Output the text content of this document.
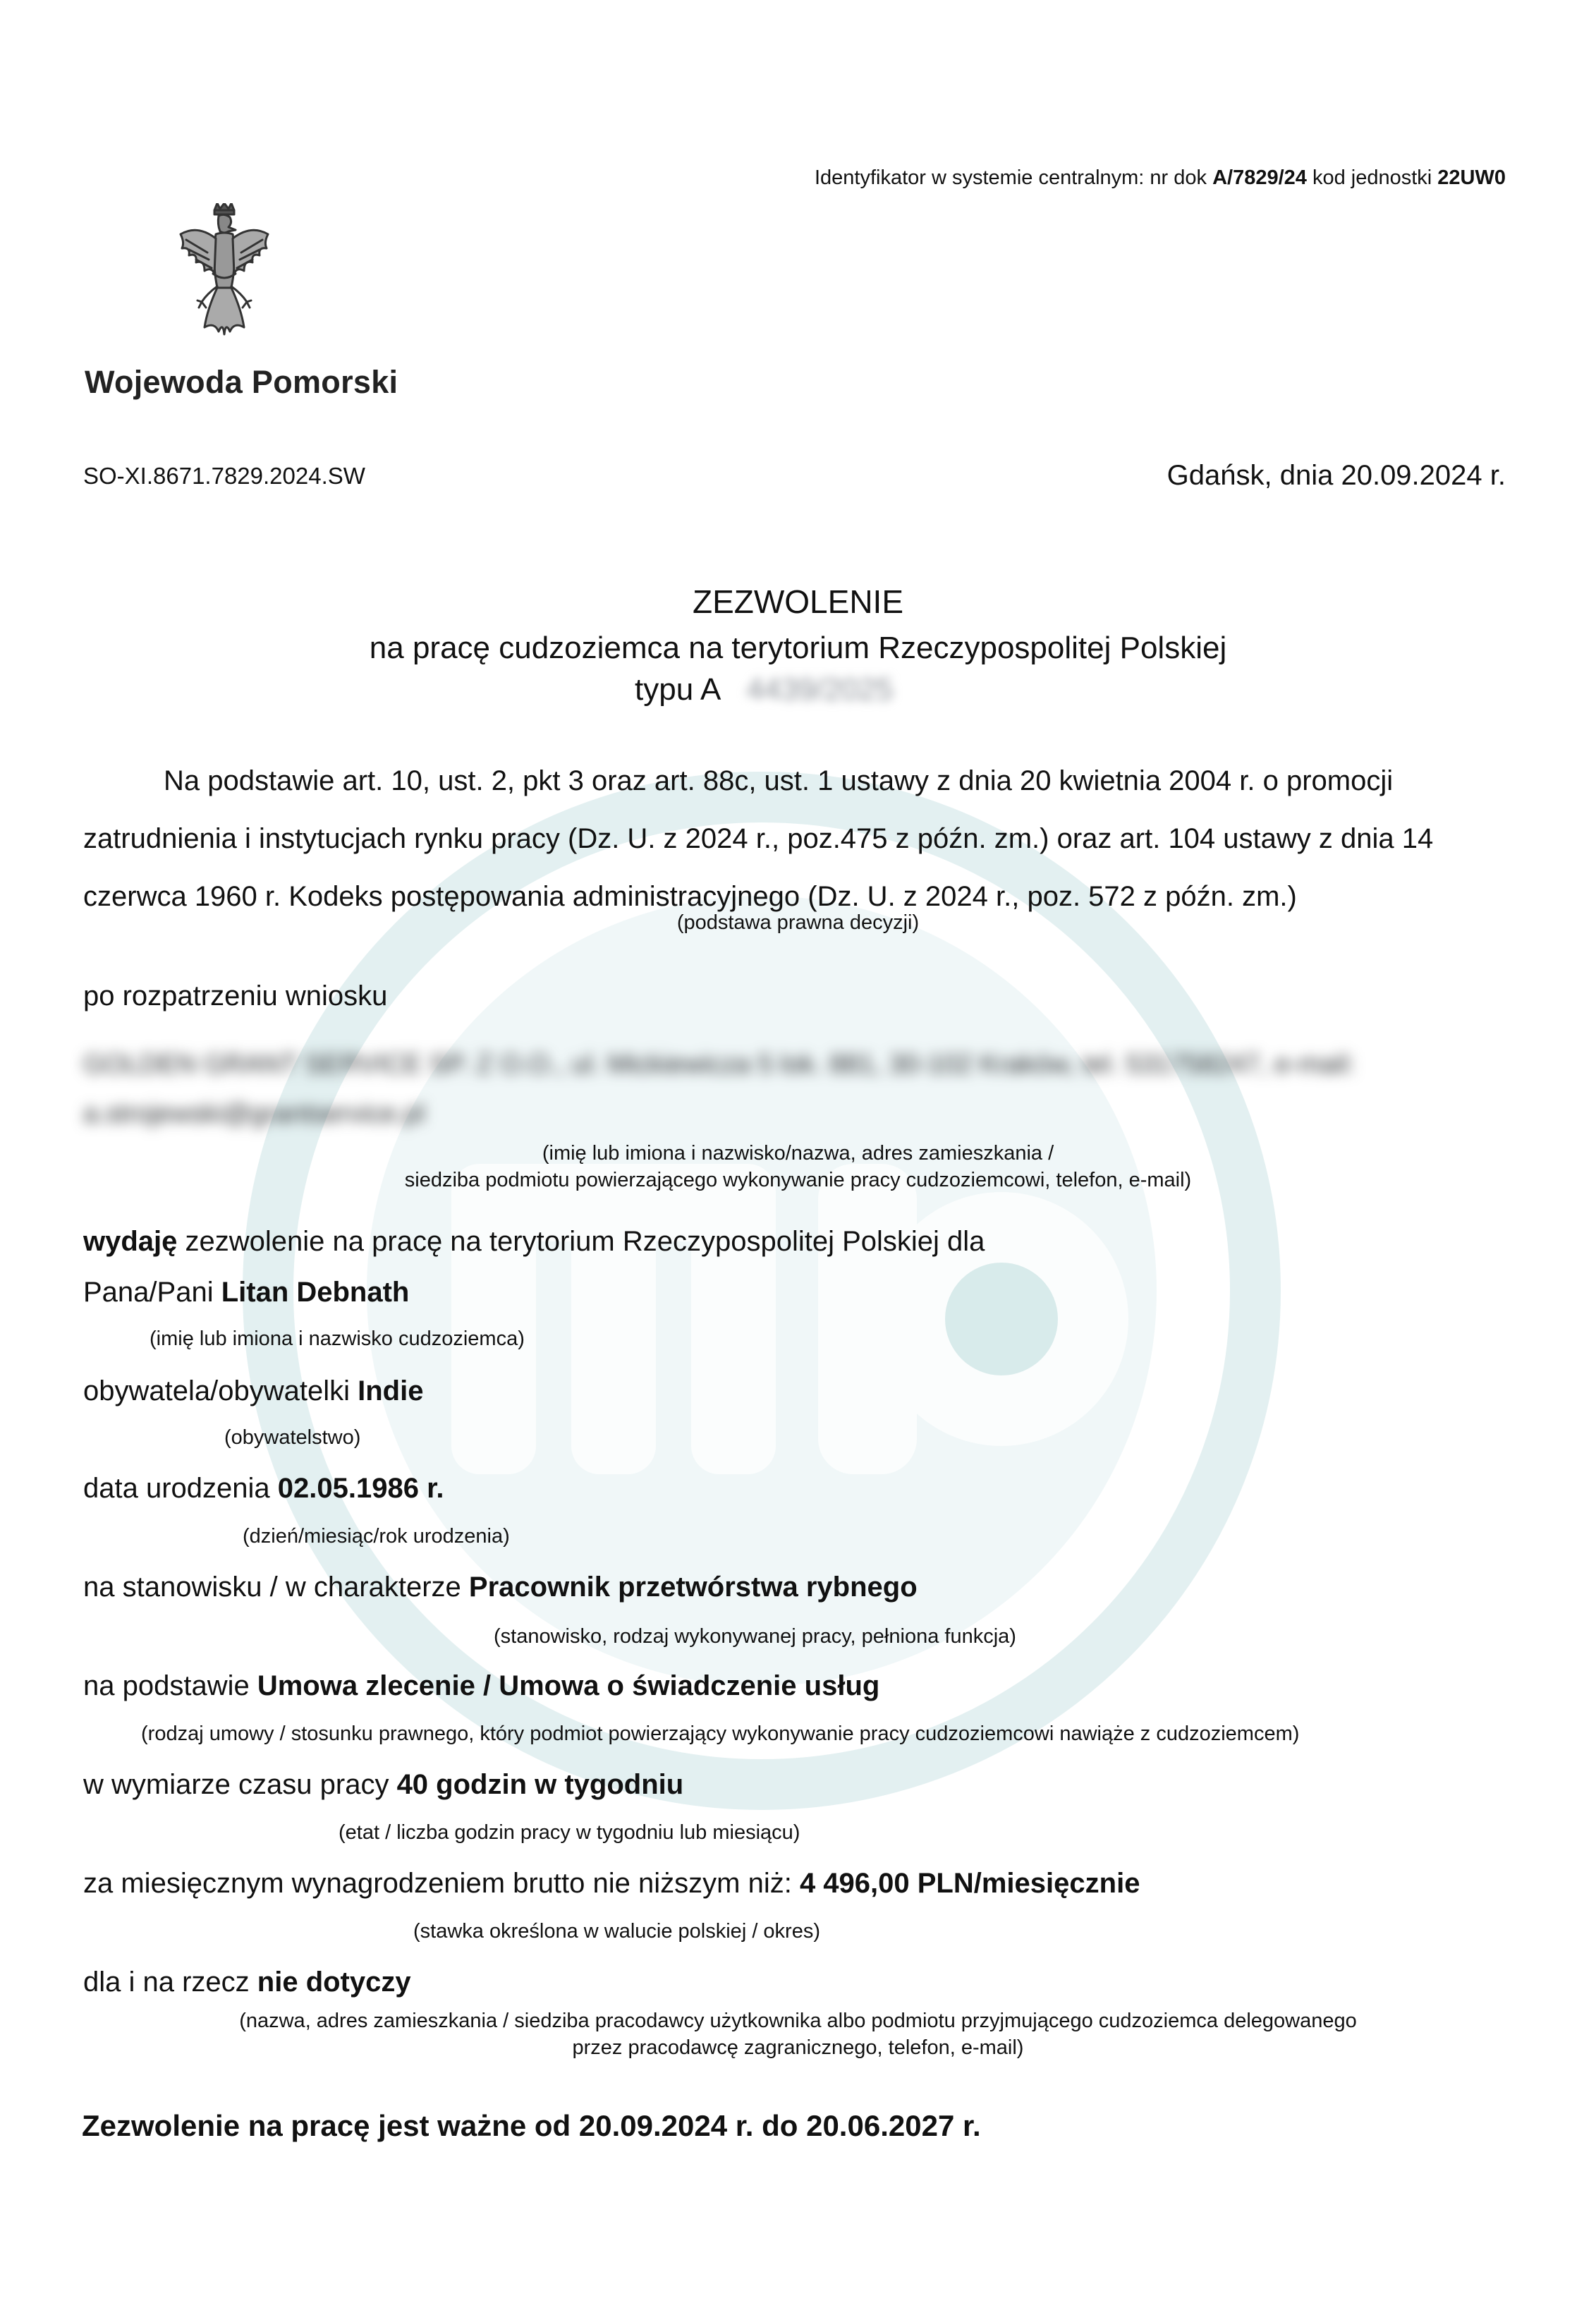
Identyfikator w systemie centralnym: nr dok A/7829/24 kod jednostki 22UW0
Wojewoda Pomorski
SO-XI.8671.7829.2024.SW	Gdańsk, dnia 20.09.2024 r.
ZEZWOLENIE
na pracę cudzoziemca na terytorium Rzeczypospolitej Polskiej
typu A 4439/2025
Na podstawie art. 10, ust. 2, pkt 3 oraz art. 88c, ust. 1 ustawy z dnia 20 kwietnia 2004 r. o promocji zatrudnienia i instytucjach rynku pracy (Dz. U. z 2024 r., poz.475 z późn. zm.) oraz art. 104 ustawy z dnia 14 czerwca 1960 r. Kodeks postępowania administracyjnego (Dz. U. z 2024 r., poz. 572 z późn. zm.)
(podstawa prawna decyzji)
po rozpatrzeniu wniosku
GOLDEN GRANT SERVICE SP. Z O.O., ul. Mickiewicza 5 lok. 881, 30-102 Kraków, tel. 531758247, e-mail: a.strojewski@grantservice.pl
(imię lub imiona i nazwisko/nazwa, adres zamieszkania /
siedziba podmiotu powierzającego wykonywanie pracy cudzoziemcowi, telefon, e-mail)
wydaję zezwolenie na pracę na terytorium Rzeczypospolitej Polskiej dla
Pana/Pani Litan Debnath
(imię lub imiona i nazwisko cudzoziemca)
obywatela/obywatelki Indie
(obywatelstwo)
data urodzenia 02.05.1986 r.
(dzień/miesiąc/rok urodzenia)
na stanowisku / w charakterze Pracownik przetwórstwa rybnego
(stanowisko, rodzaj wykonywanej pracy, pełniona funkcja)
na podstawie Umowa zlecenie / Umowa o świadczenie usług
(rodzaj umowy / stosunku prawnego, który podmiot powierzający wykonywanie pracy cudzoziemcowi nawiąże z cudzoziemcem)
w wymiarze czasu pracy 40 godzin w tygodniu
(etat / liczba godzin pracy w tygodniu lub miesiącu)
za miesięcznym wynagrodzeniem brutto nie niższym niż: 4 496,00 PLN/miesięcznie
(stawka określona w walucie polskiej / okres)
dla i na rzecz nie dotyczy
(nazwa, adres zamieszkania / siedziba pracodawcy użytkownika albo podmiotu przyjmującego cudzoziemca delegowanego
przez pracodawcę zagranicznego, telefon, e-mail)
Zezwolenie na pracę jest ważne od 20.09.2024 r. do 20.06.2027 r.
